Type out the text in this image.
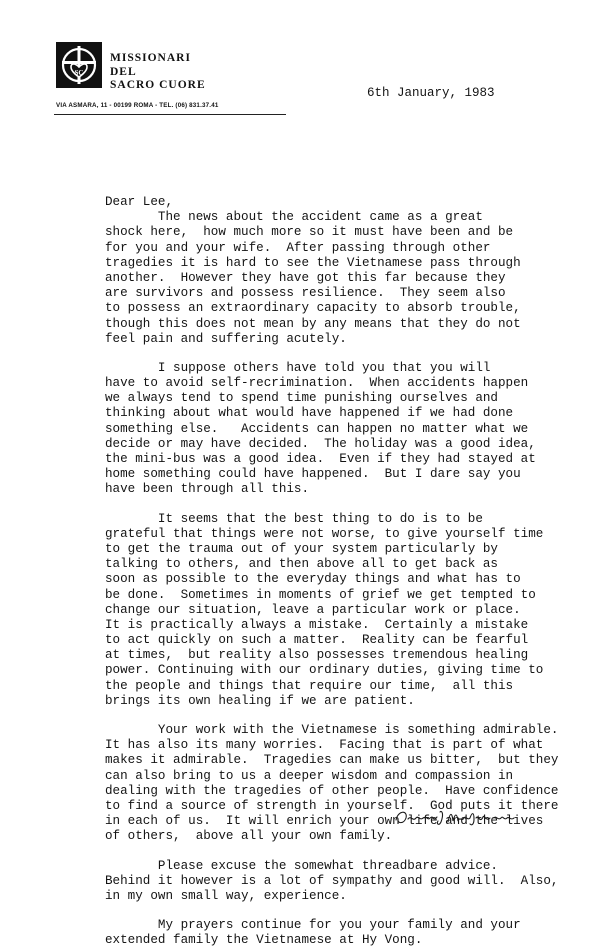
SC
MISSIONARI
DEL
SACRO CUORE
VIA ASMARA, 11 - 00199 ROMA - TEL. (06) 831.37.41
6th January, 1983
Dear Lee,
The news about the accident came as a great
shock here,  how much more so it must have been and be
for you and your wife.  After passing through other
tragedies it is hard to see the Vietnamese pass through
another.  However they have got this far because they
are survivors and possess resilience.  They seem also
to possess an extraordinary capacity to absorb trouble,
though this does not mean by any means that they do not
feel pain and suffering acutely.
I suppose others have told you that you will
have to avoid self-recrimination.  When accidents happen
we always tend to spend time punishing ourselves and
thinking about what would have happened if we had done
something else.   Accidents can happen no matter what we
decide or may have decided.  The holiday was a good idea,
the mini-bus was a good idea.  Even if they had stayed at
home something could have happened.  But I dare say you
have been through all this.
It seems that the best thing to do is to be
grateful that things were not worse, to give yourself time
to get the trauma out of your system particularly by
talking to others, and then above all to get back as
soon as possible to the everyday things and what has to
be done.  Sometimes in moments of grief we get tempted to
change our situation, leave a particular work or place.
It is practically always a mistake.  Certainly a mistake
to act quickly on such a matter.  Reality can be fearful
at times,  but reality also possesses tremendous healing
power. Continuing with our ordinary duties, giving time to
the people and things that require our time,  all this
brings its own healing if we are patient.
Your work with the Vietnamese is something admirable.
It has also its many worries.  Facing that is part of what
makes it admirable.  Tragedies can make us bitter,  but they
can also bring to us a deeper wisdom and compassion in
dealing with the tragedies of other people.  Have confidence
to find a source of strength in yourself.  God puts it there
in each of us.  It will enrich your own life and the lives
of others,  above all your own family.
Please excuse the somewhat threadbare advice.
Behind it however is a lot of sympathy and good will.  Also,
in my own small way, experience.
My prayers continue for you your family and your
extended family the Vietnamese at Hy Vong.
